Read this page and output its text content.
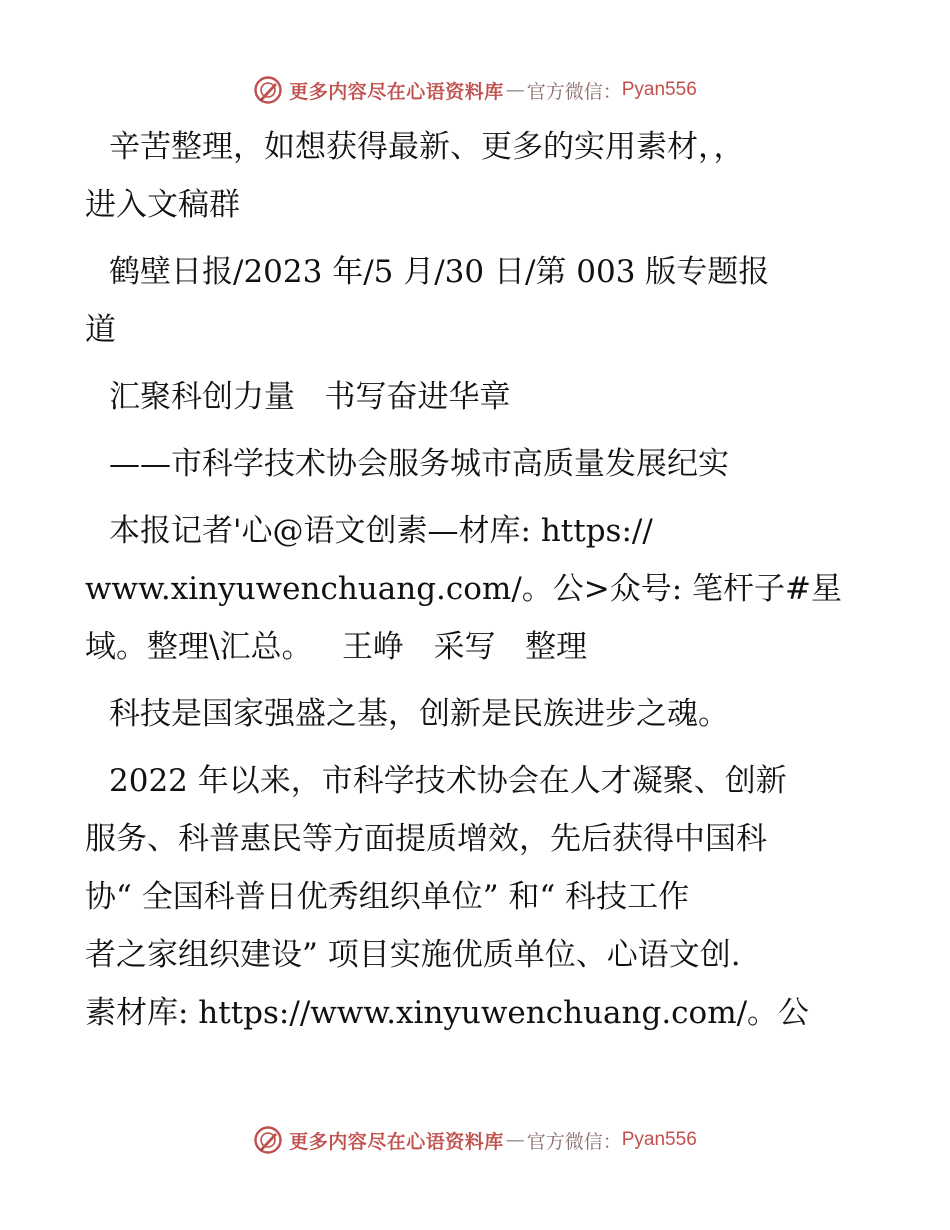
更多内容尽在心语资料库 — 官方微信： Pyan556

辛苦整理，如想获得最新、更多的实用素材，，
进入文稿群

鹤壁日报/2023 年/5 月/30 日/第 003 版专题报
道

汇聚科创力量   书写奋进华章

——市科学技术协会服务城市高质量发展纪实

本报记者'心@语文创素—材库: https://
www.xinyuwenchuang.com/。公>众号: 笔杆子#星
域。整理\汇总。   王峥   采写   整理

科技是国家强盛之基，创新是民族进步之魂。

2022 年以来，市科学技术协会在人才凝聚、创新
服务、科普惠民等方面提质增效，先后获得中国科
协“ 全国科普日优秀组织单位” 和“ 科技工作
者之家组织建设” 项目实施优质单位、心语文创.
素材库: https://www.xinyuwenchuang.com/。公

更多内容尽在心语资料库 — 官方微信： Pyan556
